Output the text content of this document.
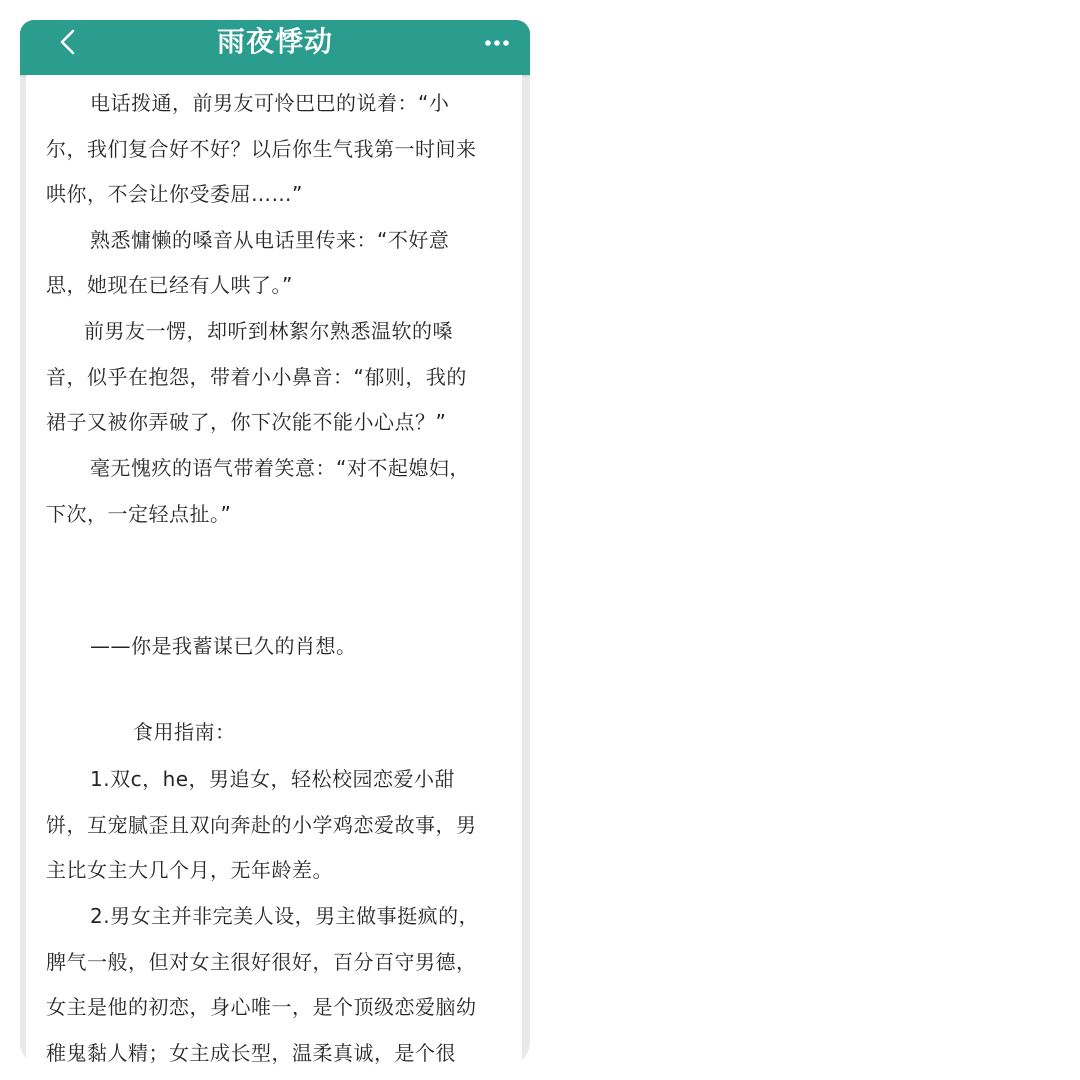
雨夜悸动
电话拨通，前男友可怜巴巴的说着：“小
尔，我们复合好不好？以后你生气我第一时间来
哄你，不会让你受委屈……”
熟悉慵懒的嗓音从电话里传来：“不好意
思，她现在已经有人哄了。”
前男友一愣，却听到林絮尔熟悉温软的嗓
音，似乎在抱怨，带着小小鼻音：“郁则，我的
裙子又被你弄破了，你下次能不能小心点？”
毫无愧疚的语气带着笑意：“对不起媳妇，
下次，一定轻点扯。”
——你是我蓄谋已久的肖想。
食用指南：
1.双c，he，男追女，轻松校园恋爱小甜
饼，互宠腻歪且双向奔赴的小学鸡恋爱故事，男
主比女主大几个月，无年龄差。
2.男女主并非完美人设，男主做事挺疯的，
脾气一般，但对女主很好很好，百分百守男德，
女主是他的初恋，身心唯一，是个顶级恋爱脑幼
稚鬼黏人精；女主成长型，温柔真诚，是个很
